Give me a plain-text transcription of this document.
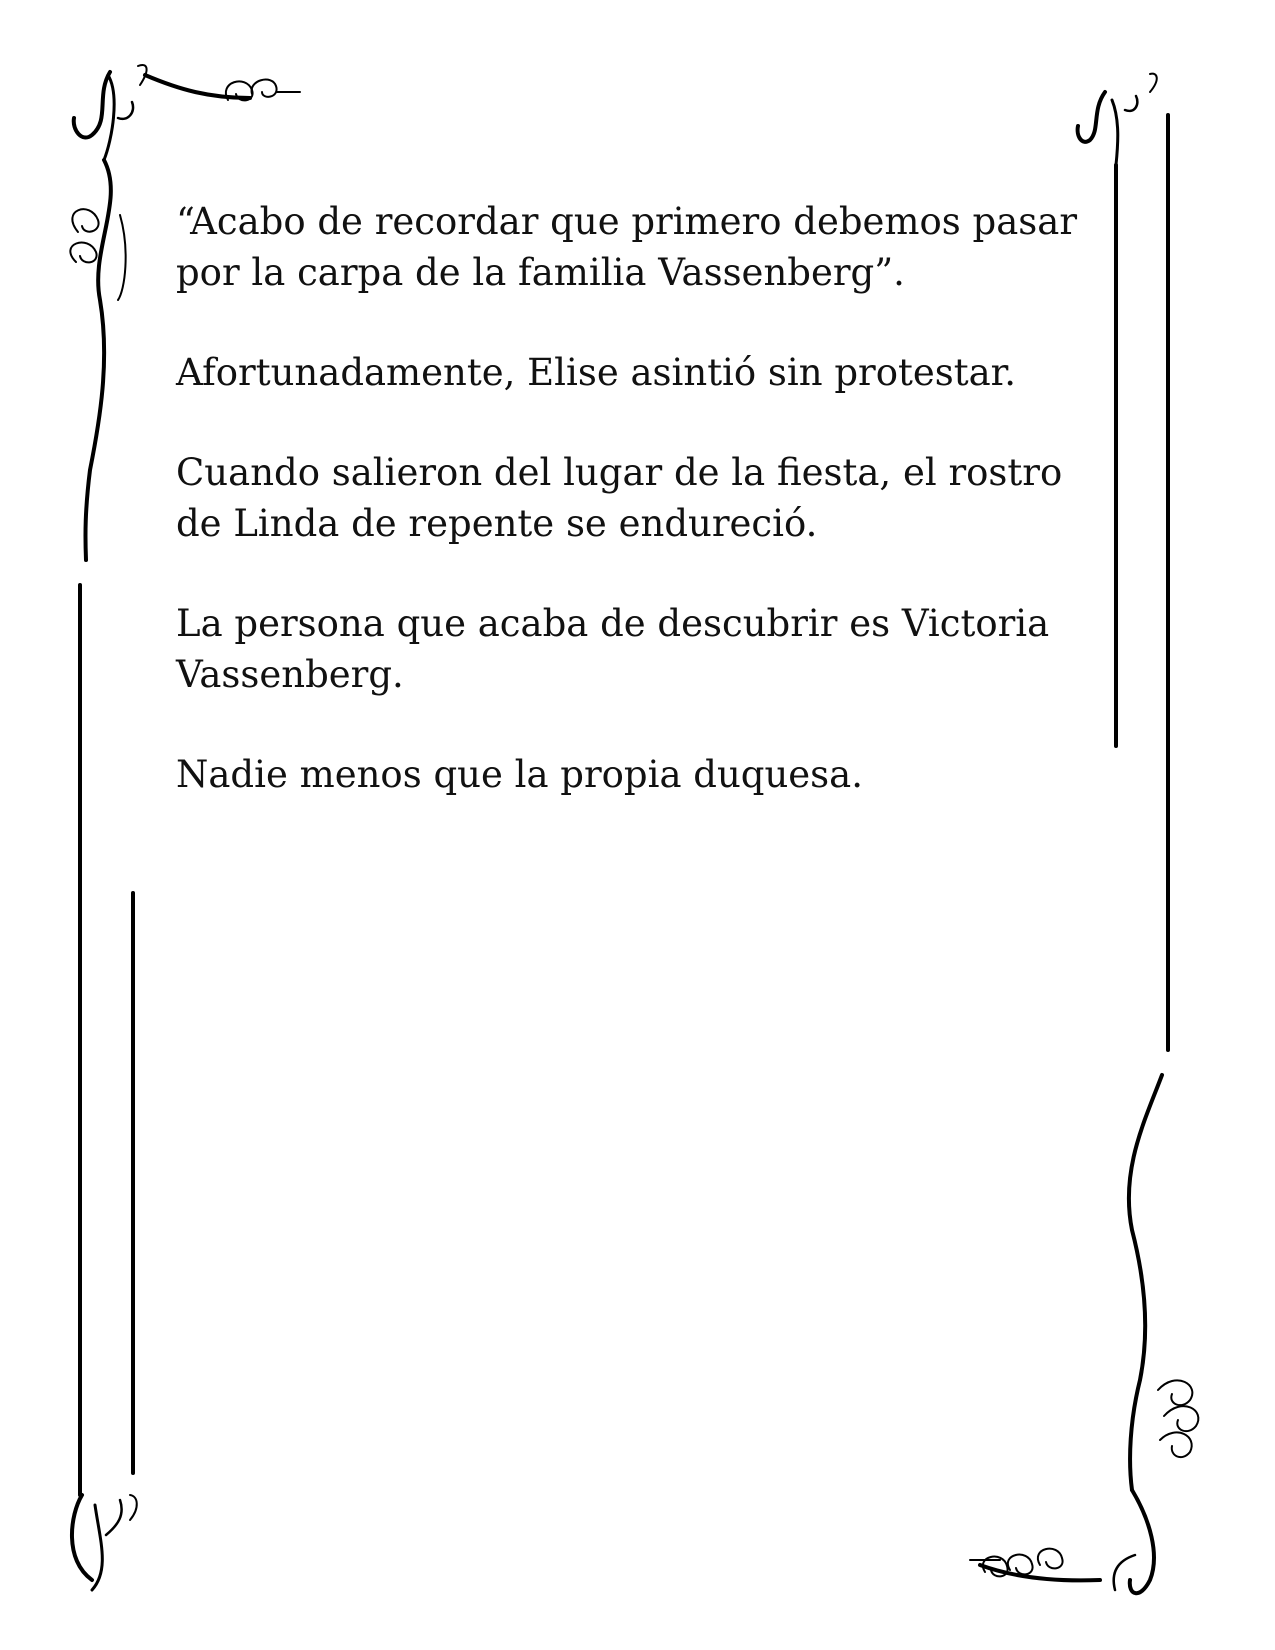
“Acabo de recordar que primero debemos pasar
por la carpa de la familia Vassenberg”.

Afortunadamente, Elise asintió sin protestar.

Cuando salieron del lugar de la fiesta, el rostro
de Linda de repente se endureció.

La persona que acaba de descubrir es Victoria
Vassenberg.

Nadie menos que la propia duquesa.
